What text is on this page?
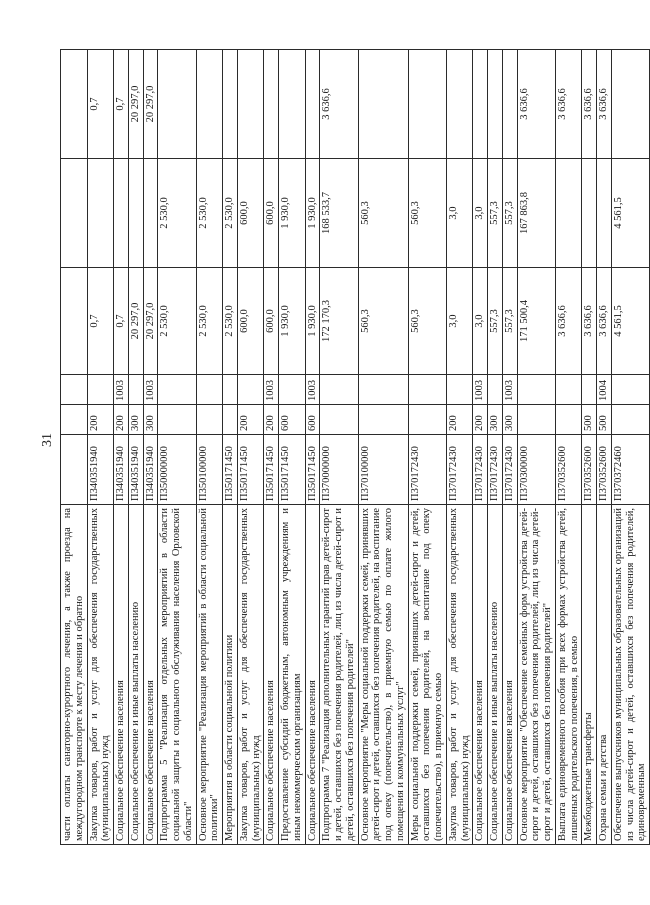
31
части оплаты санаторно-курортного лечения, а также проезда на междугородном транспорте к месту лечения и обратно						
Закупка товаров, работ и услуг для обеспечения государственных (муниципальных) нужд	П340351940	200		0,7		0,7
Социальное обеспечение населения	П340351940	200	1003	0,7		0,7
Социальное обеспечение и иные выплаты населению	П340351940	300		20 297,0		20 297,0
Социальное обеспечение населения	П340351940	300	1003	20 297,0		20 297,0
Подпрограмма 5 "Реализация отдельных мероприятий в области социальной защиты и социального обслуживания населения Орловской области"	П350000000			2 530,0	2 530,0	
Основное мероприятие "Реализация мероприятий в области социальной политики"	П350100000			2 530,0	2 530,0	
Мероприятия в области социальной политики	П350171450			2 530,0	2 530,0	
Закупка товаров, работ и услуг для обеспечения государственных (муниципальных) нужд	П350171450	200		600,0	600,0	
Социальное обеспечение населения	П350171450	200	1003	600,0	600,0	
Предоставление субсидий бюджетным, автономным учреждениям и иным некоммерческим организациям	П350171450	600		1 930,0	1 930,0	
Социальное обеспечение населения	П350171450	600	1003	1 930,0	1 930,0	
Подпрограмма 7 "Реализация дополнительных гарантий прав детей-сирот и детей, оставшихся без попечения родителей, лиц из числа детей-сирот и детей, оставшихся без попечения родителей"	П370000000			172 170,3	168 533,7	3 636,6
Основное мероприятие "Меры социальной поддержки семей, принявших детей-сирот и детей, оставшихся без попечения родителей, на воспитание под опеку (попечительство), в приемную семью по оплате жилого помещения и коммунальных услуг"	П370100000			560,3	560,3	
Меры социальной поддержки семей, принявших детей-сирот и детей, оставшихся без попечения родителей, на воспитание под опеку (попечительство), в приемную семью	П370172430			560,3	560,3	
Закупка товаров, работ и услуг для обеспечения государственных (муниципальных) нужд	П370172430	200		3,0	3,0	
Социальное обеспечение населения	П370172430	200	1003	3,0	3,0	
Социальное обеспечение и иные выплаты населению	П370172430	300		557,3	557,3	
Социальное обеспечение населения	П370172430	300	1003	557,3	557,3	
Основное мероприятие "Обеспечение семейных форм устройства детей-сирот и детей, оставшихся без попечения родителей, лиц из числа детей-сирот и детей, оставшихся без попечения родителей"	П370300000			171 500,4	167 863,8	3 636,6
Выплата единовременного пособия при всех формах устройства детей, лишенных родительского попечения, в семью	П370352600			3 636,6		3 636,6
Межбюджетные трансферты	П370352600	500		3 636,6		3 636,6
Охрана семьи и детства	П370352600	500	1004	3 636,6		3 636,6
Обеспечение выпускников муниципальных образовательных организаций из числа детей-сирот и детей, оставшихся без попечения родителей, единовременным	П370372460			4 561,5	4 561,5	
